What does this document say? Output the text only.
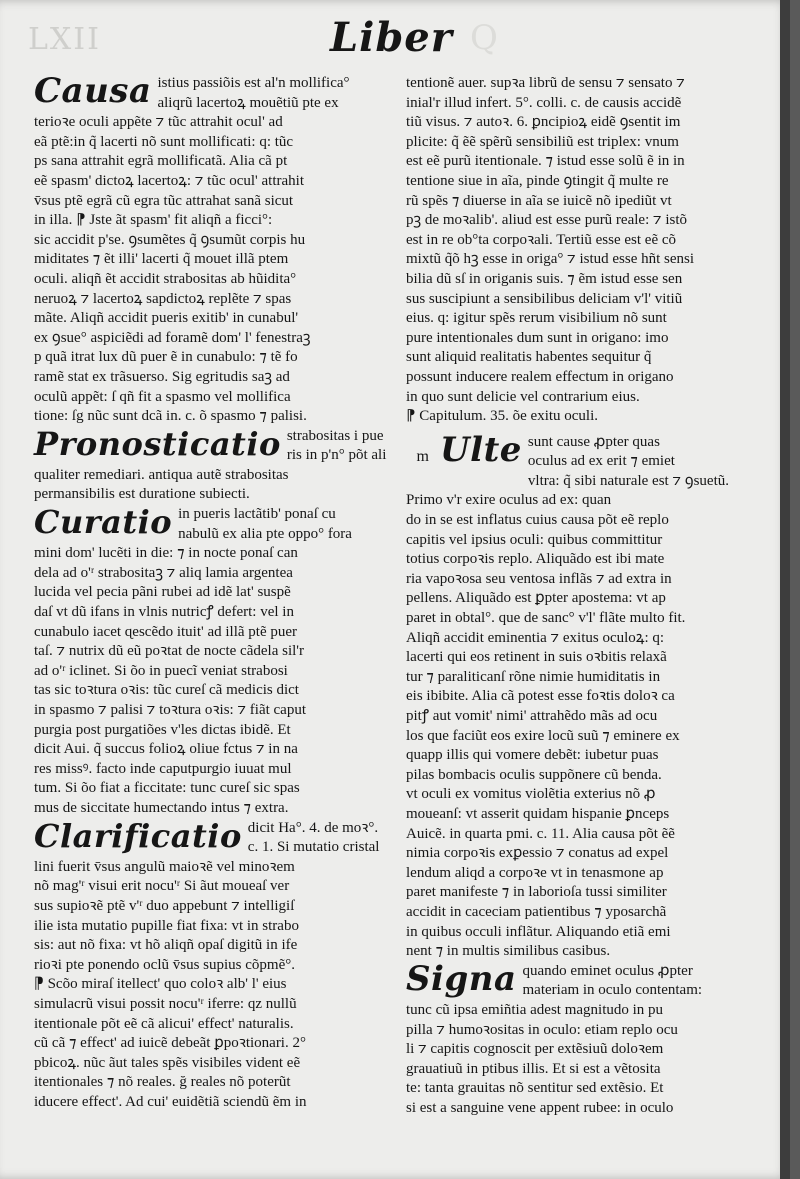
LXII	Q
Liber
Causa istius passiõis est al'n mollifica°
aliqrũ lacertoꝝ mouẽtiũ pte ex
terioꝛe oculi appẽte ⁊ tũc attrahit ocul' ad
eã ptẽ:in q̃ lacerti nõ sunt mollificati: q: tũc
ps sana attrahit egrã mollificatã. Alia cã pt
eẽ spasm' dictoꝝ lacertoꝝ: ⁊ tũc ocul' attrahit
v̄sus ptẽ egrã cũ egra tũc attrahat sanã sicut
in illa. ⁋ Jste ãt spasm' fit aliqñ a ficci°:
sic accidit p'se. ꝯsumẽtes q̃ ꝯsumũt corpis hu
miditates ⁊ ẽt illi' lacerti q̃ mouet illã ptem
oculi. aliqñ ẽt accidit strabositas ab hũidita°
neruoꝝ ⁊ lacertoꝝ sapdictoꝝ replẽte ⁊ spas
mãte. Aliqñ accidit pueris exitib' in cunabul'
ex ꝯsue° aspiciẽdi ad foramẽ dom' l' fenestraꝫ
p quã itrat lux dũ puer ẽ in cunabulo: ⁊ tẽ fo
ramẽ stat ex trãsuerso. Sig egritudis saꝫ ad
oculũ appẽt: ſ qñ fit a spasmo vel mollifica
tione: ſg nũc sunt dcã in. c. õ spasmo ⁊ palisi.
Pronosticatio strabositas i pue
ris in p'n° põt ali
qualiter remediari. antiqua autẽ strabositas
permansibilis est duratione subiecti.
Curatio in pueris lactãtib' ponaſ cu
nabulũ ex alia pte oppo° fora
mini dom' lucẽti in die: ⁊ in nocte ponaſ can
dela ad o'ʳ strabositaꝫ ⁊ aliq lamia argentea
lucida vel pecia pãni rubei ad idẽ lat' suspẽ
daſ vt dũ ifans in vlnis nutricꝭ defert: vel in
cunabulo iacet ɋescẽdo ituit' ad illã ptẽ puer
taſ. ⁊ nutrix dũ eũ poꝛtat de nocte cãdela sil'r
ad o'ʳ iclinet. Si õo in puecĩ veniat strabosi
tas sic toꝛtura oꝛis: tũc cureſ cã medicis dict
in spasmo ⁊ palisi ⁊ toꝛtura oꝛis: ⁊ fiãt caput
purgia post purgatiões v'les dictas ibidẽ. Et
dicit Aui. q̃ succus folioꝝ oliue fctus ⁊ in na
res missꝰ. facto inde caputpurgio iuuat mul
tum. Si õo fiat a ficcitate: tunc cureſ sic spas
mus de siccitate humectando intus ⁊ extra.
Clarificatio dicit Ha°. 4. de moꝛ°.
c. 1. Si mutatio cristal
lini fuerit v̄sus angulũ maioꝛẽ vel minoꝛem
nõ mag'ʳ visui erit nocu'ʳ Si ãut moueaſ ver
sus supioꝛẽ ptẽ v'ʳ duo appebunt ⁊ intelligiſ
ilie ista mutatio pupille fiat fixa: vt in strabo
sis: aut nõ fixa: vt hõ aliqñ opaſ digitũ in ife
rioꝛi pte ponendo oclũ v̄sus supius cõpmẽ°.
⁋ Scõo miraſ itellect' quo coloꝛ alb' l' eius
simulacrũ visui possit nocu'ʳ iferre: qz nullũ
itentionale põt eẽ cã alicui' effect' naturalis.
cũ cã ⁊ effect' ad iuicẽ debeãt ꝑpoꝛtionari. 2°
pbicoꝝ. nũc ãut tales spẽs visibiles vident eẽ
itentionales ⁊ nõ reales. ğ reales nõ poterũt
iducere effect'. Ad cui' euidẽtiã sciendũ ẽm in
tentionẽ auer. supꝛa librũ de sensu ⁊ sensato ⁊
inial'r illud infert. 5°. colli. c. de causis accidẽ
tiũ visus. ⁊ autoꝛ. 6. ꝑncipioꝝ eidẽ ꝯsentit im
plicite: q̃ ẽẽ spẽrũ sensibiliũ est triplex: vnum
est eẽ purũ itentionale. ⁊ istud esse solũ ẽ in in
tentione siue in aĩa, pinde ꝯtingit q̃ multe re
rũ spẽs ⁊ diuerse in aĩa se iuicẽ nõ ipediũt vt
pꝫ de moꝛalib'. aliud est esse purũ reale: ⁊ istõ
est in re ob°ta corpoꝛali. Tertiũ esse est eẽ cõ
mixtũ q̃õ hꝫ esse in origa° ⁊ istud esse hñt sensi
bilia dũ sſ in origanis suis. ⁊ ẽm istud esse sen
sus suscipiunt a sensibilibus deliciam v'l' vitiũ
eius. q: igitur spẽs rerum visibilium nõ sunt
pure intentionales dum sunt in origano: imo
sunt aliquid realitatis habentes sequitur q̃
possunt inducere realem effectum in origano
in quo sunt delicie vel contrarium eius.
⁋ Capitulum. 35. õe exitu oculi.
m Ulte sunt cause ꝓpter quas
oculus ad ex erit ⁊ emiet
vltra: q̃ sibi naturale est ⁊ ꝯsuetũ.
Primo v'r exire oculus ad ex: quan
do in se est inflatus cuius causa põt eẽ replo
capitis vel ipsius oculi: quibus committitur
totius corpoꝛis replo. Aliquãdo est ibi mate
ria vapoꝛosa seu ventosa inflãs ⁊ ad extra in
pellens. Aliquãdo est ꝑpter apostema: vt ap
paret in obtal°. que de sanc° v'l' flãte multo fit.
Aliqñ accidit eminentia ⁊ exitus oculoꝝ: q:
lacerti qui eos retinent in suis oꝛbitis relaxã
tur ⁊ paraliticanſ rõne nimie humiditatis in
eis ibibite. Alia cã potest esse foꝛtis doloꝛ ca
pitꝭ aut vomit' nimi' attrahẽdo mãs ad ocu
los que faciũt eos exire locũ suũ ⁊ eminere ex
quapp illis qui vomere debẽt: iubetur puas
pilas bombacis oculis suppõnere cũ benda.
vt oculi ex vomitus violẽtia exterius nõ ꝓ
moueanſ: vt asserit quidam hispanie ꝑnceps
Auicẽ. in quarta pmi. c. 11. Alia causa põt ẽẽ
nimia corpoꝛis exꝑessio ⁊ conatus ad expel
lendum aliqd a corpoꝛe vt in tenasmone ap
paret manifeste ⁊ in laborioſa tussi similiter
accidit in caceciam patientibus ⁊ yposarchã
in quibus occuli inflãtur. Aliquando etiã emi
nent ⁊ in multis similibus casibus.
Signa quando eminet oculus ꝓpter
materiam in oculo contentam:
tunc cũ ipsa emiñtia adest magnitudo in pu
pilla ⁊ humoꝛositas in oculo: etiam replo ocu
li ⁊ capitis cognoscit per extẽsiuũ doloꝛem
grauatiuũ in ptibus illis. Et si est a vẽtosita
te: tanta grauitas nõ sentitur sed extẽsio. Et
si est a sanguine vene appent rubee: in oculo
